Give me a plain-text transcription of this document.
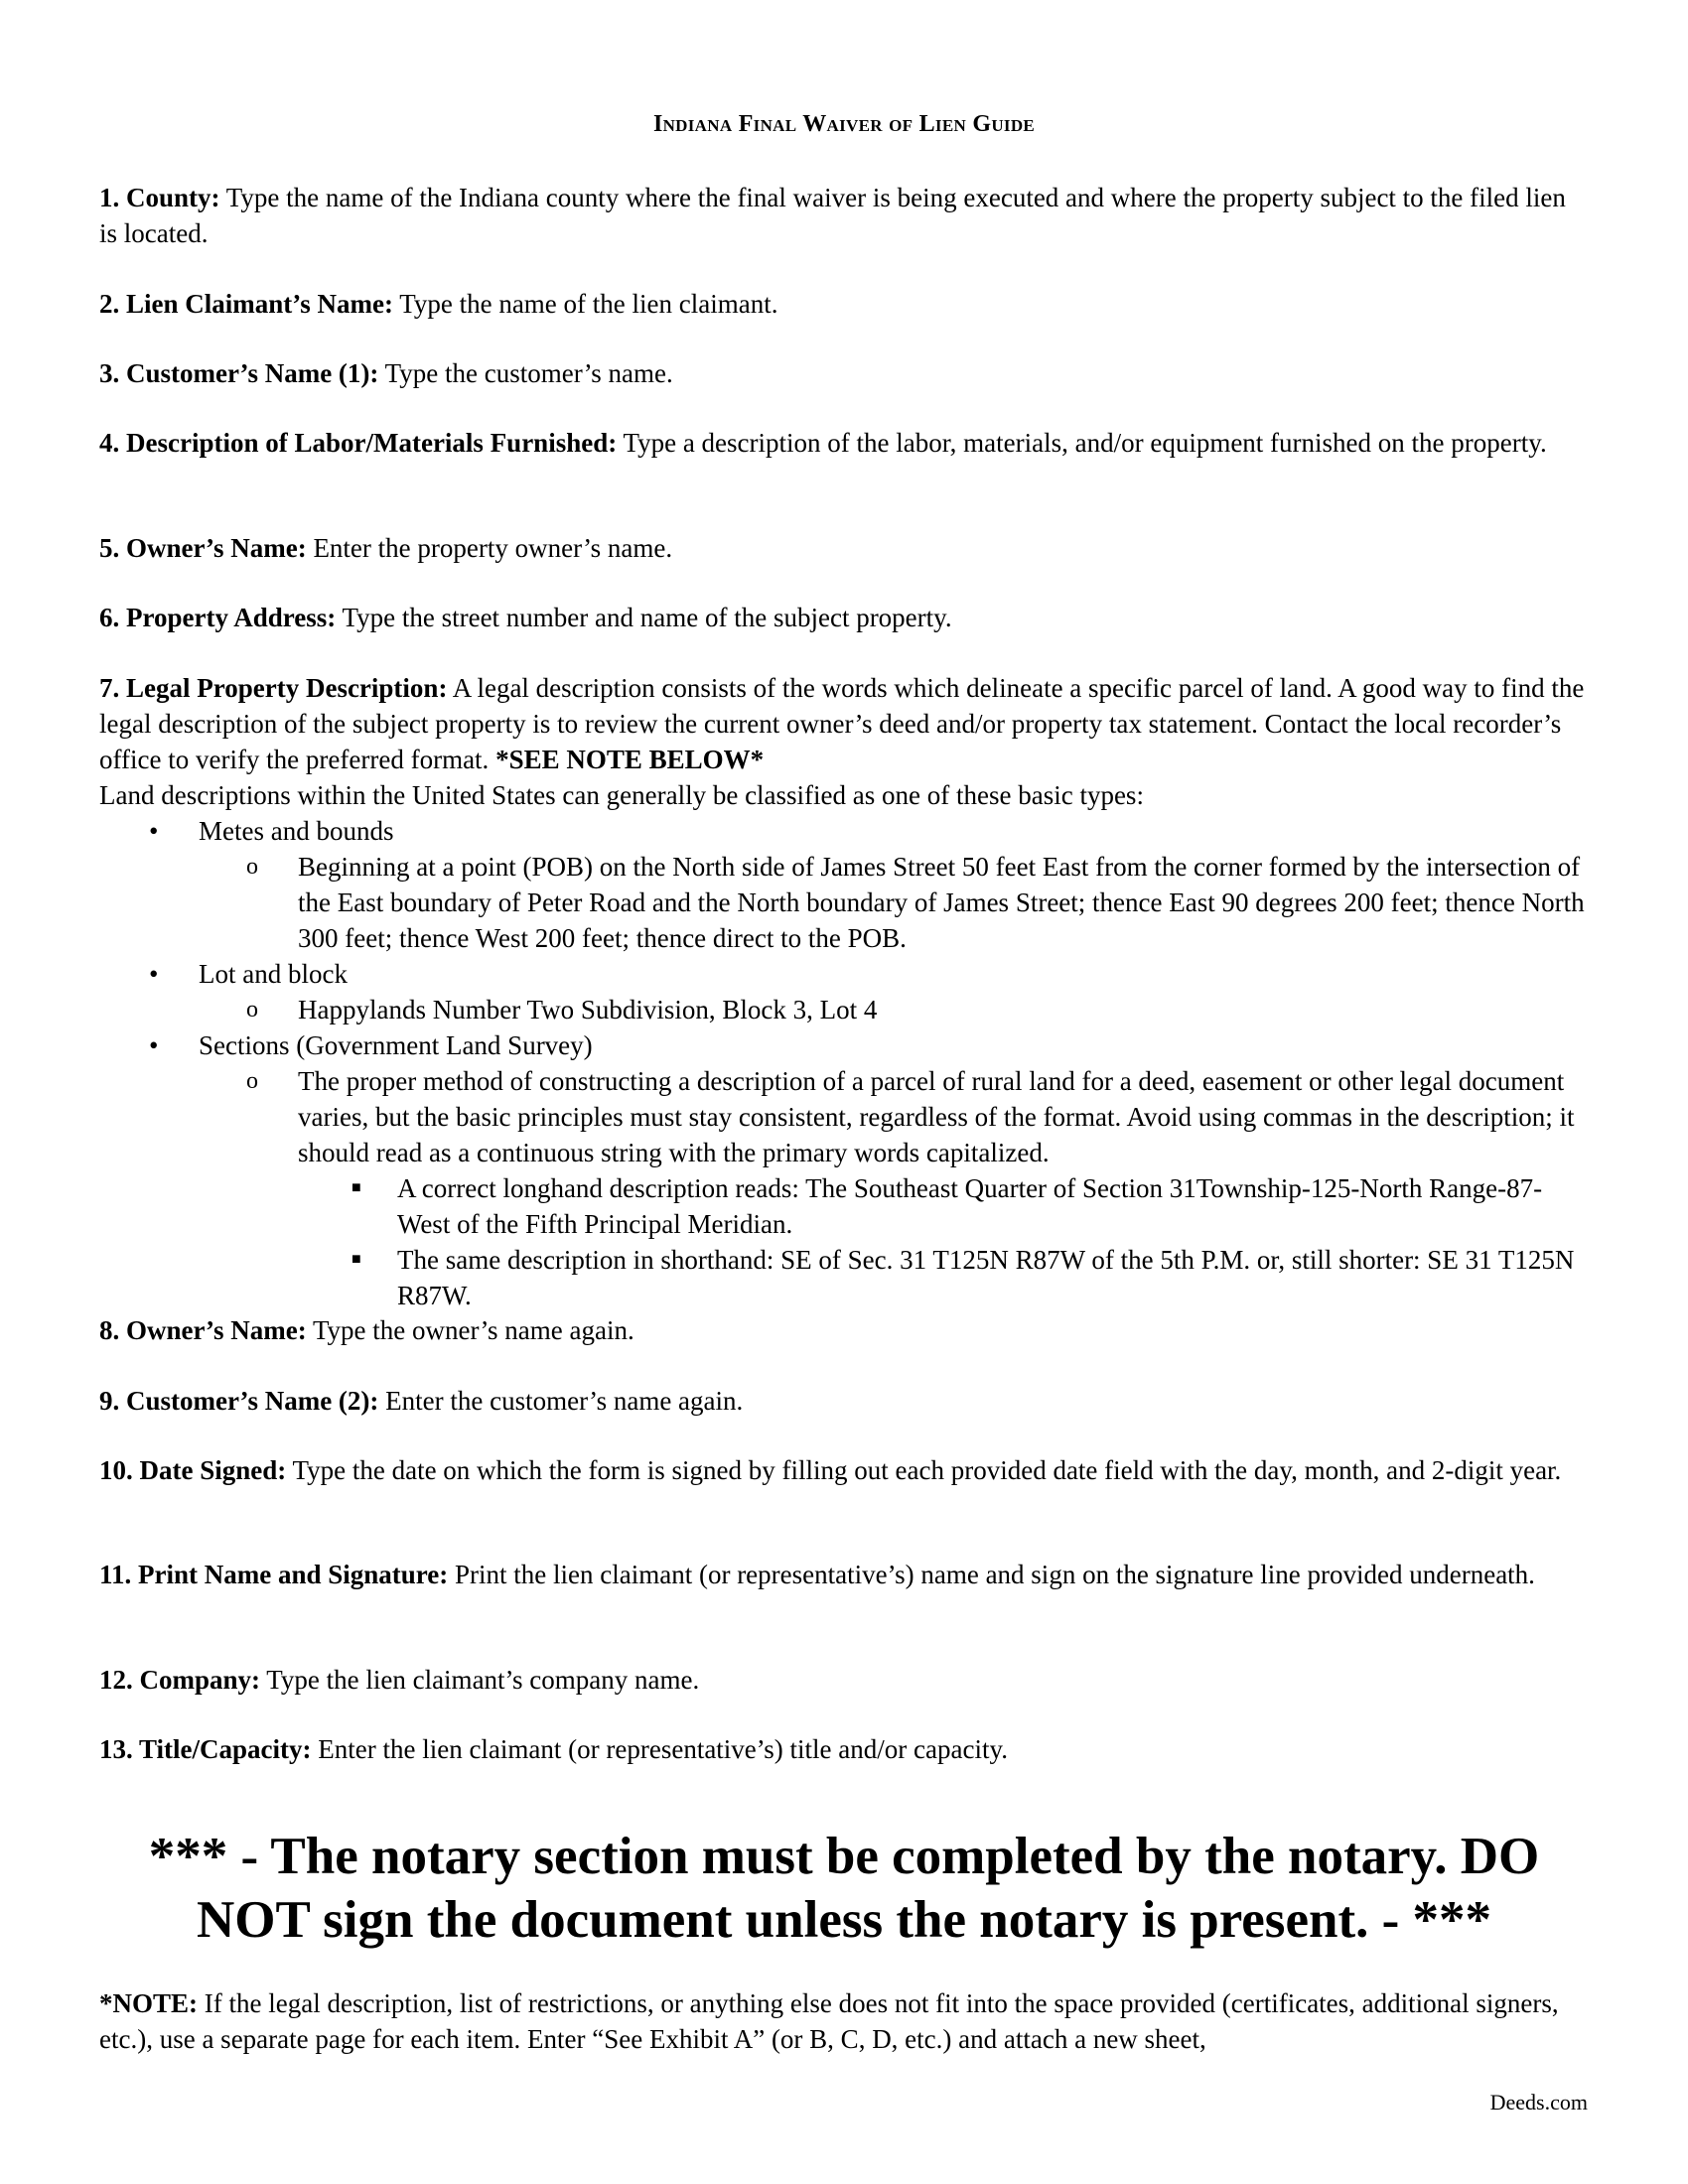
Indiana Final Waiver of Lien Guide

1. County: Type the name of the Indiana county where the final waiver is being executed and where the property subject to the filed lien is located.

2. Lien Claimant’s Name: Type the name of the lien claimant.

3. Customer’s Name (1): Type the customer’s name.

4. Description of Labor/Materials Furnished: Type a description of the labor, materials, and/or equipment furnished on the property.

5. Owner’s Name: Enter the property owner’s name.

6. Property Address: Type the street number and name of the subject property.

7. Legal Property Description: A legal description consists of the words which delineate a specific parcel of land. A good way to find the legal description of the subject property is to review the current owner’s deed and/or property tax statement. Contact the local recorder’s office to verify the preferred format. *SEE NOTE BELOW*

Land descriptions within the United States can generally be classified as one of these basic types:

• Metes and bounds
o Beginning at a point (POB) on the North side of James Street 50 feet East from the corner formed by the intersection of the East boundary of Peter Road and the North boundary of James Street; thence East 90 degrees 200 feet; thence North 300 feet; thence West 200 feet; thence direct to the POB.
• Lot and block
o Happylands Number Two Subdivision, Block 3, Lot 4
• Sections (Government Land Survey)
o The proper method of constructing a description of a parcel of rural land for a deed, easement or other legal document varies, but the basic principles must stay consistent, regardless of the format. Avoid using commas in the description; it should read as a continuous string with the primary words capitalized.
■ A correct longhand description reads: The Southeast Quarter of Section 31Township-125-North Range-87-West of the Fifth Principal Meridian.
■ The same description in shorthand: SE of Sec. 31 T125N R87W of the 5th P.M. or, still shorter: SE 31 T125N R87W.

8. Owner’s Name: Type the owner’s name again.

9. Customer’s Name (2): Enter the customer’s name again.

10. Date Signed: Type the date on which the form is signed by filling out each provided date field with the day, month, and 2-digit year.

11. Print Name and Signature: Print the lien claimant (or representative’s) name and sign on the signature line provided underneath.

12. Company: Type the lien claimant’s company name.

13. Title/Capacity: Enter the lien claimant (or representative’s) title and/or capacity.

*** - The notary section must be completed by the notary. DO NOT sign the document unless the notary is present. - ***

*NOTE: If the legal description, list of restrictions, or anything else does not fit into the space provided (certificates, additional signers, etc.), use a separate page for each item. Enter “See Exhibit A” (or B, C, D, etc.) and attach a new sheet,

Deeds.com
